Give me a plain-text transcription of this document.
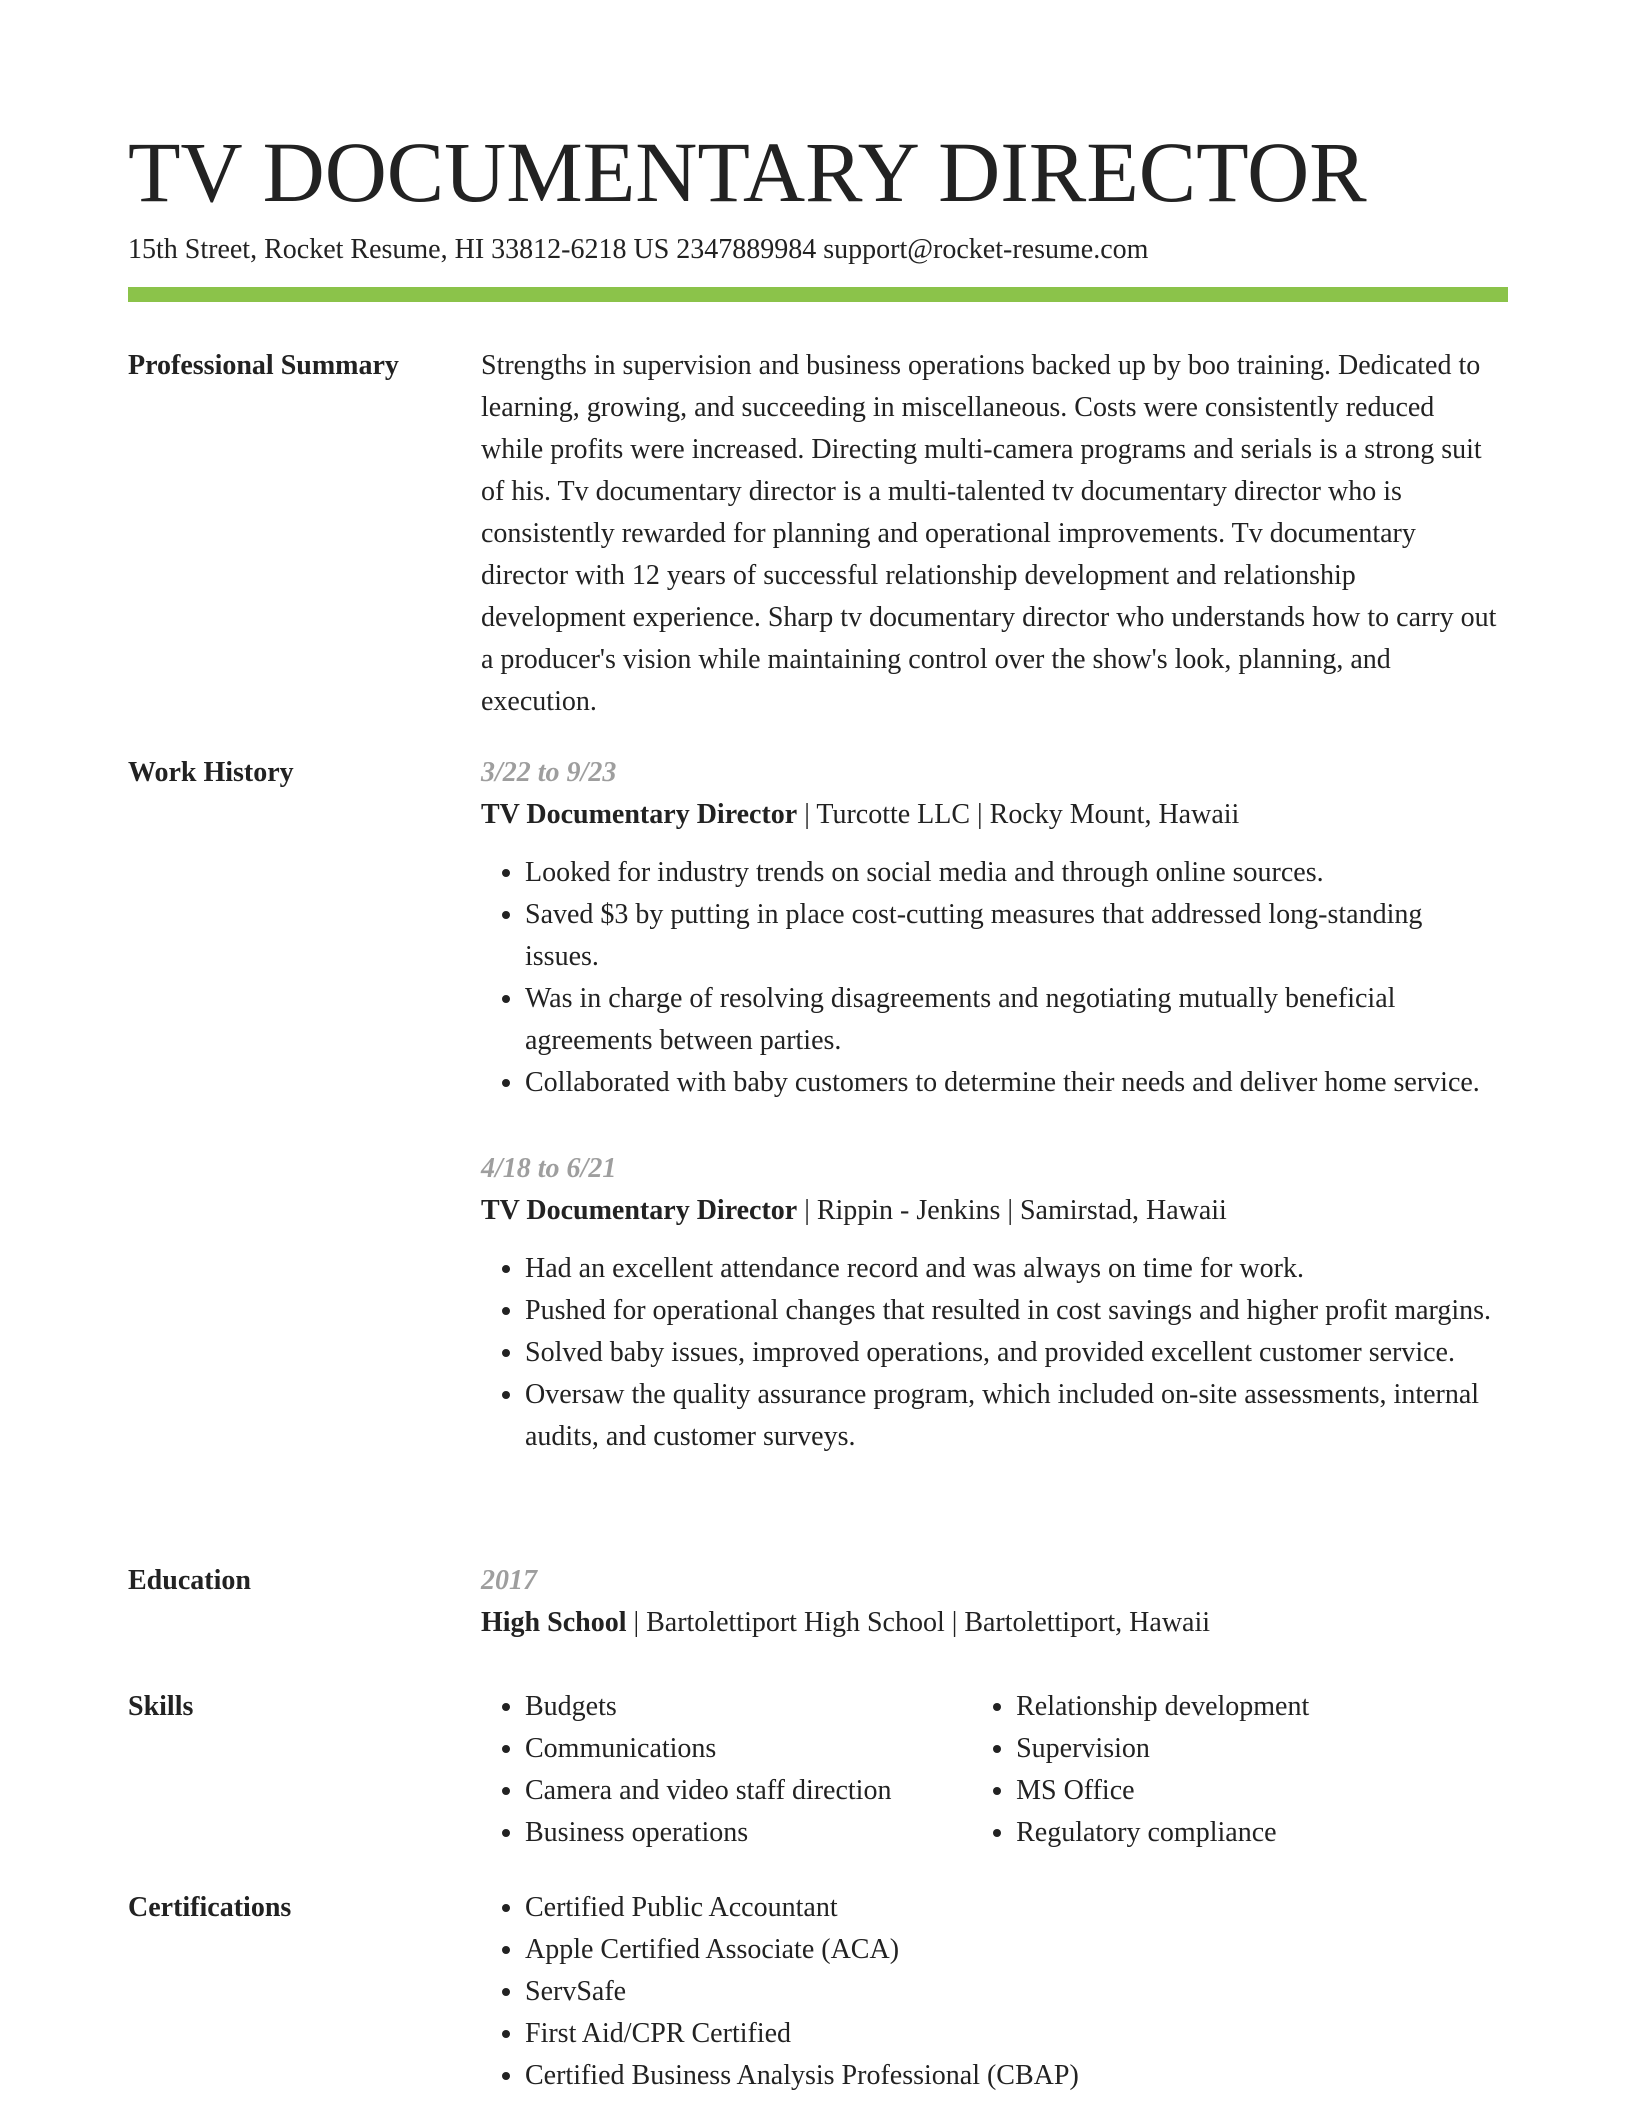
TV DOCUMENTARY DIRECTOR
15th Street, Rocket Resume, HI 33812-6218 US 2347889984 support@rocket-resume.com
Professional Summary	Strengths in supervision and business operations backed up by boo training. Dedicated to learning, growing, and succeeding in miscellaneous. Costs were consistently reduced while profits were increased. Directing multi-camera programs and serials is a strong suit of his. Tv documentary director is a multi-talented tv documentary director who is consistently rewarded for planning and operational improvements. Tv documentary director with 12 years of successful relationship development and relationship development experience. Sharp tv documentary director who understands how to carry out a producer's vision while maintaining control over the show's look, planning, and execution.

Work History	3/22 to 9/23
TV Documentary Director | Turcotte LLC | Rocky Mount, Hawaii
• Looked for industry trends on social media and through online sources.
• Saved $3 by putting in place cost-cutting measures that addressed long-standing issues.
• Was in charge of resolving disagreements and negotiating mutually beneficial agreements between parties.
• Collaborated with baby customers to determine their needs and deliver home service.
4/18 to 6/21
TV Documentary Director | Rippin - Jenkins | Samirstad, Hawaii
• Had an excellent attendance record and was always on time for work.
• Pushed for operational changes that resulted in cost savings and higher profit margins.
• Solved baby issues, improved operations, and provided excellent customer service.
• Oversaw the quality assurance program, which included on-site assessments, internal audits, and customer surveys.
Education	2017
High School | Bartolettiport High School | Bartolettiport, Hawaii
Skills	• Budgets
• Communications
• Camera and video staff direction
• Business operations
• Relationship development
• Supervision
• MS Office
• Regulatory compliance
Certifications	• Certified Public Accountant
• Apple Certified Associate (ACA)
• ServSafe
• First Aid/CPR Certified
• Certified Business Analysis Professional (CBAP)
